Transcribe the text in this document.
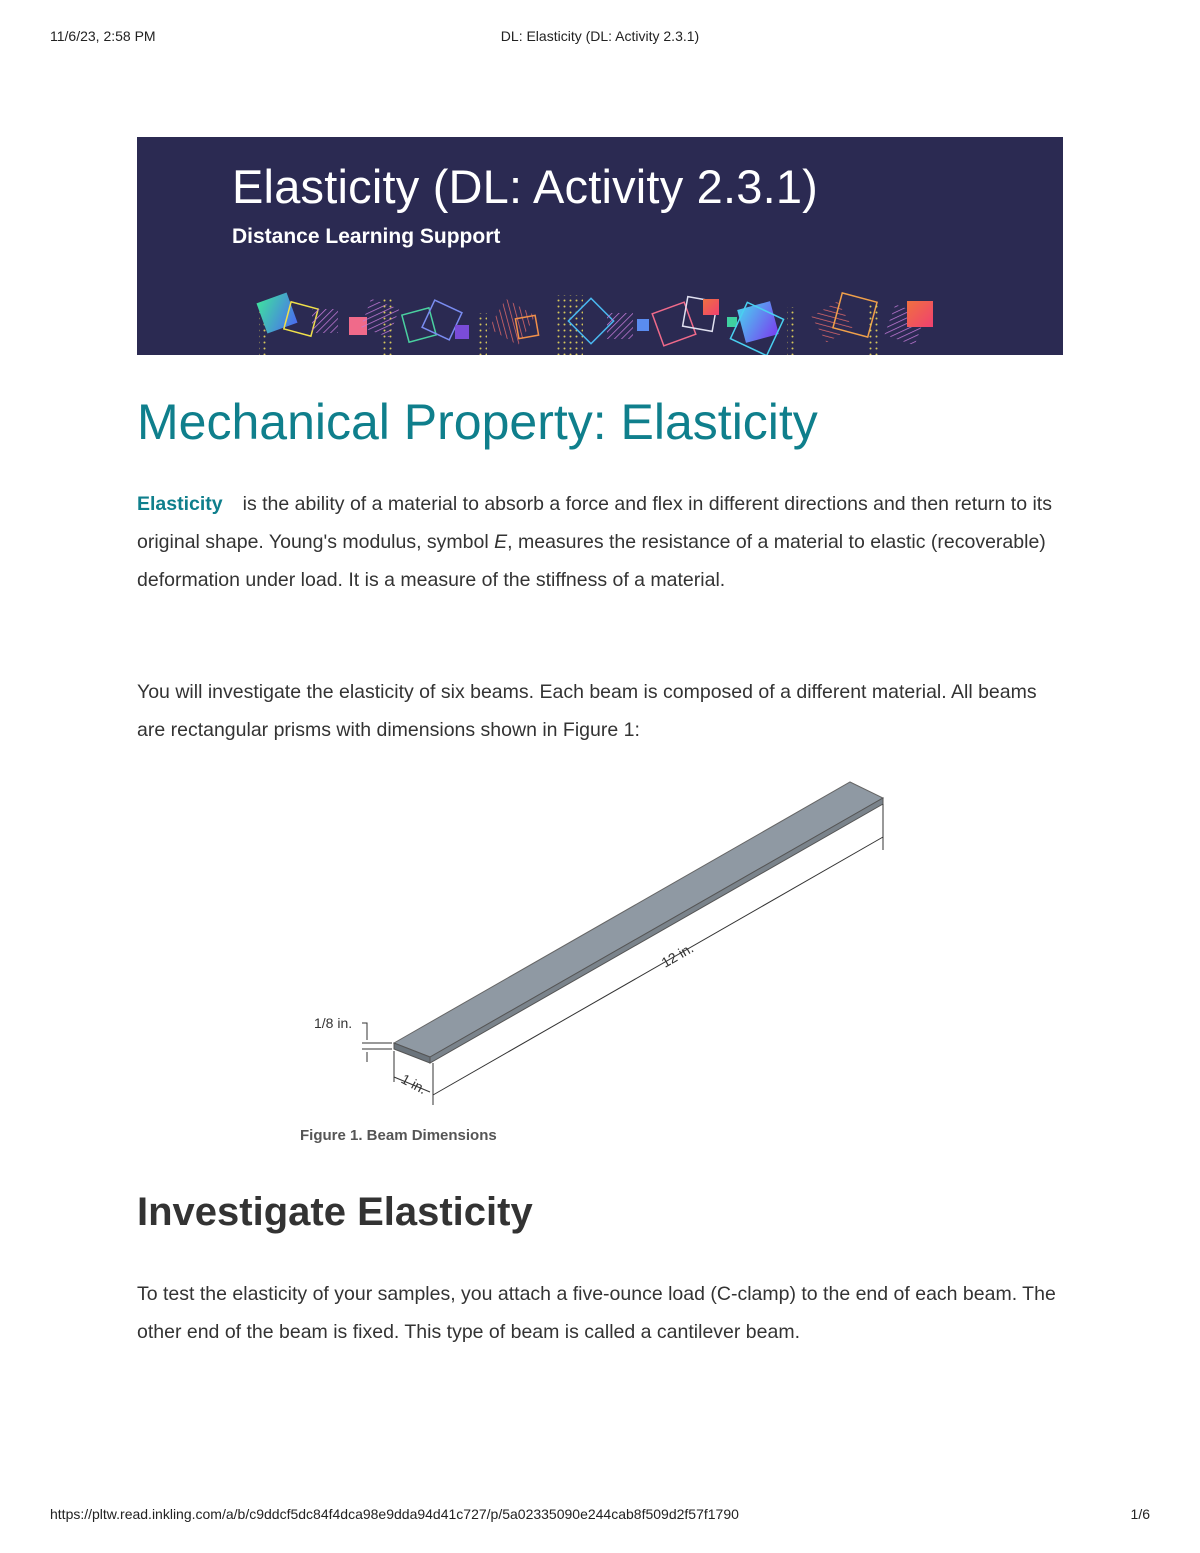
11/6/23, 2:58 PM	DL: Elasticity (DL: Activity 2.3.1)
Elasticity (DL: Activity 2.3.1)
Distance Learning Support
Mechanical Property: Elasticity

Elasticity is the ability of a material to absorb a force and flex in different directions and then return to its original shape. Young's modulus, symbol E, measures the resistance of a material to elastic (recoverable) deformation under load. It is a measure of the stiffness of a material.

You will investigate the elasticity of six beams. Each beam is composed of a different material. All beams are rectangular prisms with dimensions shown in Figure 1:

1/8 in.
1 in.
12 in.
Figure 1. Beam Dimensions
Investigate Elasticity

To test the elasticity of your samples, you attach a five-ounce load (C-clamp) to the end of each beam. The other end of the beam is fixed. This type of beam is called a cantilever beam.

https://pltw.read.inkling.com/a/b/c9ddcf5dc84f4dca98e9dda94d41c727/p/5a02335090e244cab8f509d2f57f1790	1/6
